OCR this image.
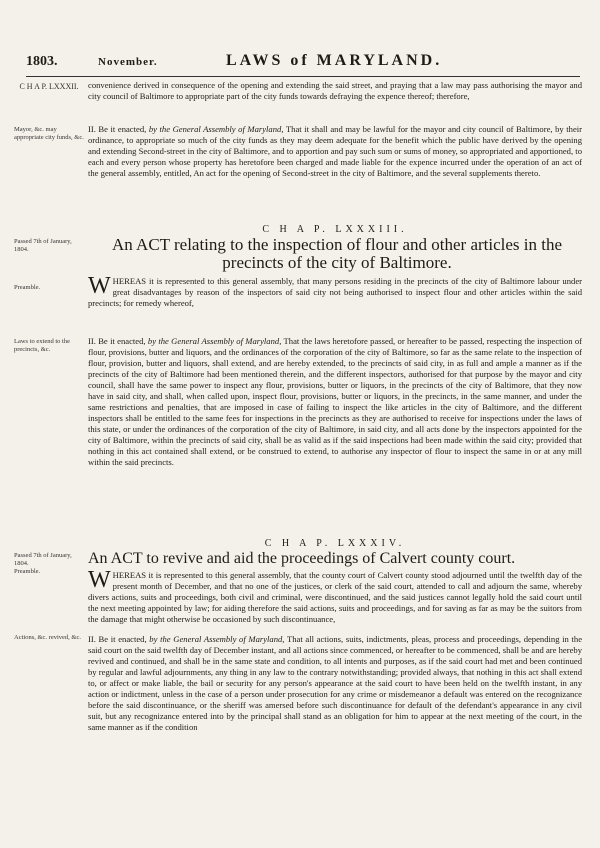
1803.	November.	LAWS of MARYLAND.
C H A P. LXXXII.	convenience derived in consequence of the opening and extending the said street, and praying that a law may pass authorising the mayor and city council of Baltimore to appropriate part of the city funds towards defraying the expence thereof; therefore,
Mayor, &c. may appropriate city funds, &c.
II. Be it enacted, by the General Assembly of Maryland, That it shall and may be lawful for the mayor and city council of Baltimore, by their ordinance, to appropriate so much of the city funds as they may deem adequate for the benefit which the public have derived by the opening and extending Second-street in the city of Baltimore, and to apportion and pay such sum or sums of money, so appropriated and apportioned, to each and every person whose property has heretofore been charged and made liable for the expence incurred under the operation of an act of the general assembly, entitled, An act for the opening of Second-street in the city of Baltimore, and the several supplements thereto.
C H A P. LXXXIII.
Passed 7th of January, 1804.	An ACT relating to the inspection of flour and other articles in the precincts of the city of Baltimore.
Preamble.	W HEREAS it is represented to this general assembly, that many persons residing in the precincts of the city of Baltimore labour under great disadvantages by reason of the inspectors of said city not being authorised to inspect flour and other articles within the said precincts; for remedy whereof,
Laws to extend to the precincts, &c.
II. Be it enacted, by the General Assembly of Maryland, That the laws heretofore passed, or hereafter to be passed, respecting the inspection of flour, provisions, butter and liquors, and the ordinances of the corporation of the city of Baltimore, so far as the same relate to the inspection of flour, provision, butter and liquors, shall extend, and are hereby extended, to the precincts of said city, in as full and ample a manner as if the precincts of the city of Baltimore had been mentioned therein, and the different inspectors, authorised for that purpose by the mayor and city council, shall have the same power to inspect any flour, provisions, butter or liquors, in the precincts of the city of Baltimore, that they now have in said city, and shall, when called upon, inspect flour, provisions, butter or liquors, in the precincts, in the same manner, and under the same restrictions and penalties, that are imposed in case of failing to inspect the like articles in the city of Baltimore, and the different inspectors shall be entitled to the same fees for inspections in the precincts as they are authorised to receive for inspections under the laws of this state, or under the ordinances of the corporation of the city of Baltimore, in said city, and all acts done by the inspectors appointed for the city of Baltimore, within the precincts of said city, shall be as valid as if the said inspections had been made within the said city; provided that nothing in this act contained shall extend, or be construed to extend, to authorise any inspector of flour to inspect the same in or at any mill within the said precincts.
C H A P. LXXXIV.
Passed 7th of January, 1804.
Preamble.
An ACT to revive and aid the proceedings of Calvert county court.
W HEREAS it is represented to this general assembly, that the county court of Calvert county stood adjourned until the twelfth day of the present month of December, and that no one of the justices, or clerk of the said court, attended to call and adjourn the same, whereby divers actions, suits and proceedings, both civil and criminal, were discontinued, and the said justices cannot legally hold the said court until the next meeting appointed by law; for aiding therefore the said actions, suits and proceedings, and for saving as far as may be the suitors from the damage that might otherwise be occasioned by such discontinuance,
Actions, &c. revived, &c. II. Be it enacted, by the General Assembly of Maryland, That all actions, suits, indictments, pleas, process and proceedings, depending in the said court on the said twelfth day of December instant, and all actions since commenced, or hereafter to be commenced, shall be and are hereby revived and continued, and shall be in the same state and condition, to all intents and purposes, as if the said court had met and been continued by regular and lawful adjournments, any thing in any law to the contrary notwithstanding; provided always, that nothing in this act shall extend to, or affect or make liable, the bail or security for any person's appearance at the said court to have been held on the twelfth instant, in any action or indictment, unless in the case of a person under prosecution for any crime or misdemeanor a default was entered on the recognizance before the said discontinuance, or the sheriff was amersed before such discontinuance for default of the defendant's appearance in any civil suit, but any recognizance entered into by the principal shall stand as an obligation for him to appear at the next meeting of the court, in the same manner as if the condition
